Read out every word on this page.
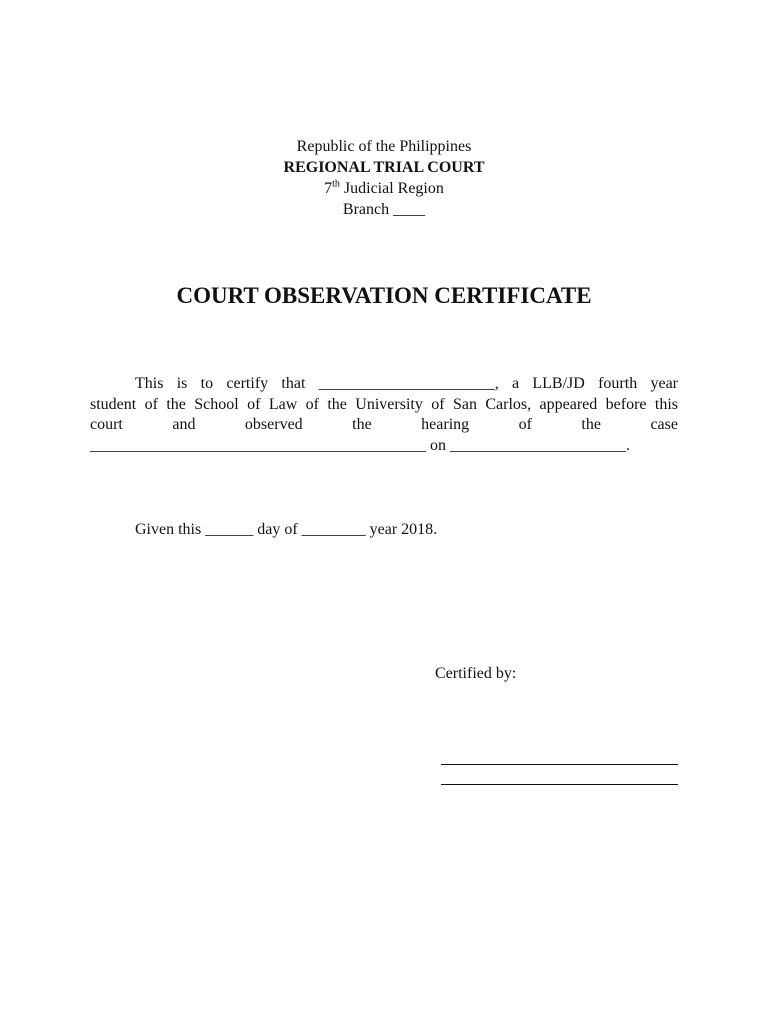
Republic of the Philippines
REGIONAL TRIAL COURT
7th Judicial Region
Branch ____
COURT OBSERVATION CERTIFICATE
This is to certify that ______________________, a LLB/JD fourth year
student of the School of Law of the University of San Carlos, appeared before this
court	and	observed	the	hearing	of	the	case
__________________________________________ on ______________________.
Given this ______ day of ________ year 2018.
Certified by:
